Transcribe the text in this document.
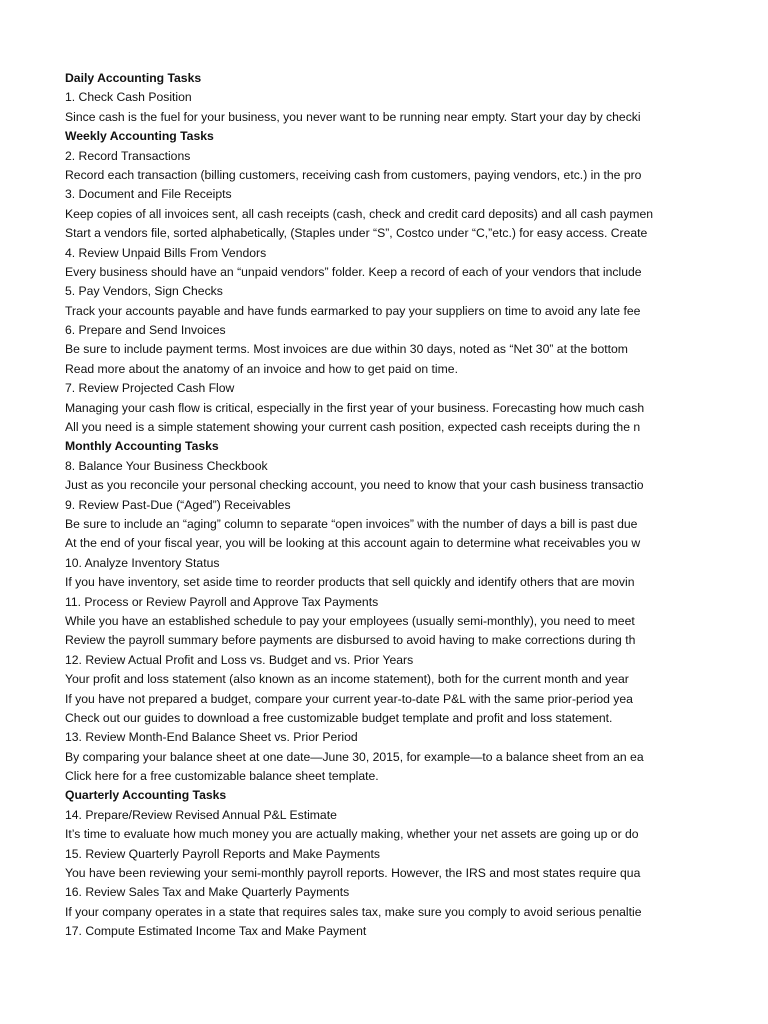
Daily Accounting Tasks
1. Check Cash Position
Since cash is the fuel for your business, you never want to be running near empty. Start your day by checki
Weekly Accounting Tasks
2. Record Transactions
Record each transaction (billing customers, receiving cash from customers, paying vendors, etc.) in the pro
3. Document and File Receipts
Keep copies of all invoices sent, all cash receipts (cash, check and credit card deposits) and all cash paymen
Start a vendors file, sorted alphabetically, (Staples under “S”, Costco under “C,”etc.) for easy access. Create
4. Review Unpaid Bills From Vendors
Every business should have an “unpaid vendors” folder. Keep a record of each of your vendors that include
5. Pay Vendors, Sign Checks
Track your accounts payable and have funds earmarked to pay your suppliers on time to avoid any late fee
6. Prepare and Send Invoices
Be sure to include payment terms. Most invoices are due within 30 days, noted as “Net 30” at the bottom
Read more about the anatomy of an invoice and how to get paid on time.
7. Review Projected Cash Flow
Managing your cash flow is critical, especially in the first year of your business. Forecasting how much cash
All you need is a simple statement showing your current cash position, expected cash receipts during the n
Monthly Accounting Tasks
8. Balance Your Business Checkbook
Just as you reconcile your personal checking account, you need to know that your cash business transactio
9. Review Past-Due (“Aged”) Receivables
Be sure to include an “aging” column to separate “open invoices” with the number of days a bill is past due
At the end of your fiscal year, you will be looking at this account again to determine what receivables you w
10. Analyze Inventory Status
If you have inventory, set aside time to reorder products that sell quickly and identify others that are movin
11. Process or Review Payroll and Approve Tax Payments
While you have an established schedule to pay your employees (usually semi-monthly), you need to meet
Review the payroll summary before payments are disbursed to avoid having to make corrections during th
12. Review Actual Profit and Loss vs. Budget and vs. Prior Years
Your profit and loss statement (also known as an income statement), both for the current month and year
If you have not prepared a budget, compare your current year-to-date P&L with the same prior-period yea
Check out our guides to download a free customizable budget template and profit and loss statement.
13. Review Month-End Balance Sheet vs. Prior Period
By comparing your balance sheet at one date—June 30, 2015, for example—to a balance sheet from an ea
Click here for a free customizable balance sheet template.
Quarterly Accounting Tasks
14. Prepare/Review Revised Annual P&L Estimate
It’s time to evaluate how much money you are actually making, whether your net assets are going up or do
15. Review Quarterly Payroll Reports and Make Payments
You have been reviewing your semi-monthly payroll reports. However, the IRS and most states require qua
16. Review Sales Tax and Make Quarterly Payments
If your company operates in a state that requires sales tax, make sure you comply to avoid serious penaltie
17. Compute Estimated Income Tax and Make Payment
